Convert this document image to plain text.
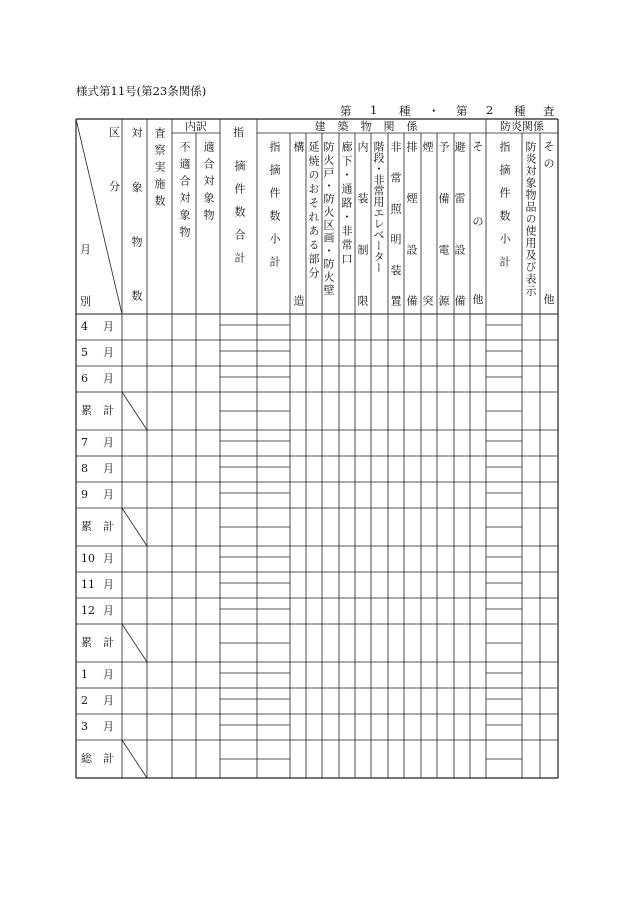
様式第11号(第23条関係)
第 1 種 ・ 第 2 種 査
区
分
月
別	対象物数 査察実施数
内訳
不適合対象物 適合対象物
指
摘件数合計
建築物関係
指摘件数小計 構造 延焼のおそれある部分 防火戸・防火区画・防火壁 廊下・通路・非常口 内装制限 階段・非常用エレベーター 非常照明装置 排煙設備 煙突 予備電源 避雷設備 そ
の
他
防炎関係
指摘件数小計 防炎対象物品の使用及び表示 そ
の
他
4 月
5 月
6 月
累 計
7 月
8 月
9 月
累 計
10 月
11 月
12 月
累 計
1 月
2 月
3 月
総 計
